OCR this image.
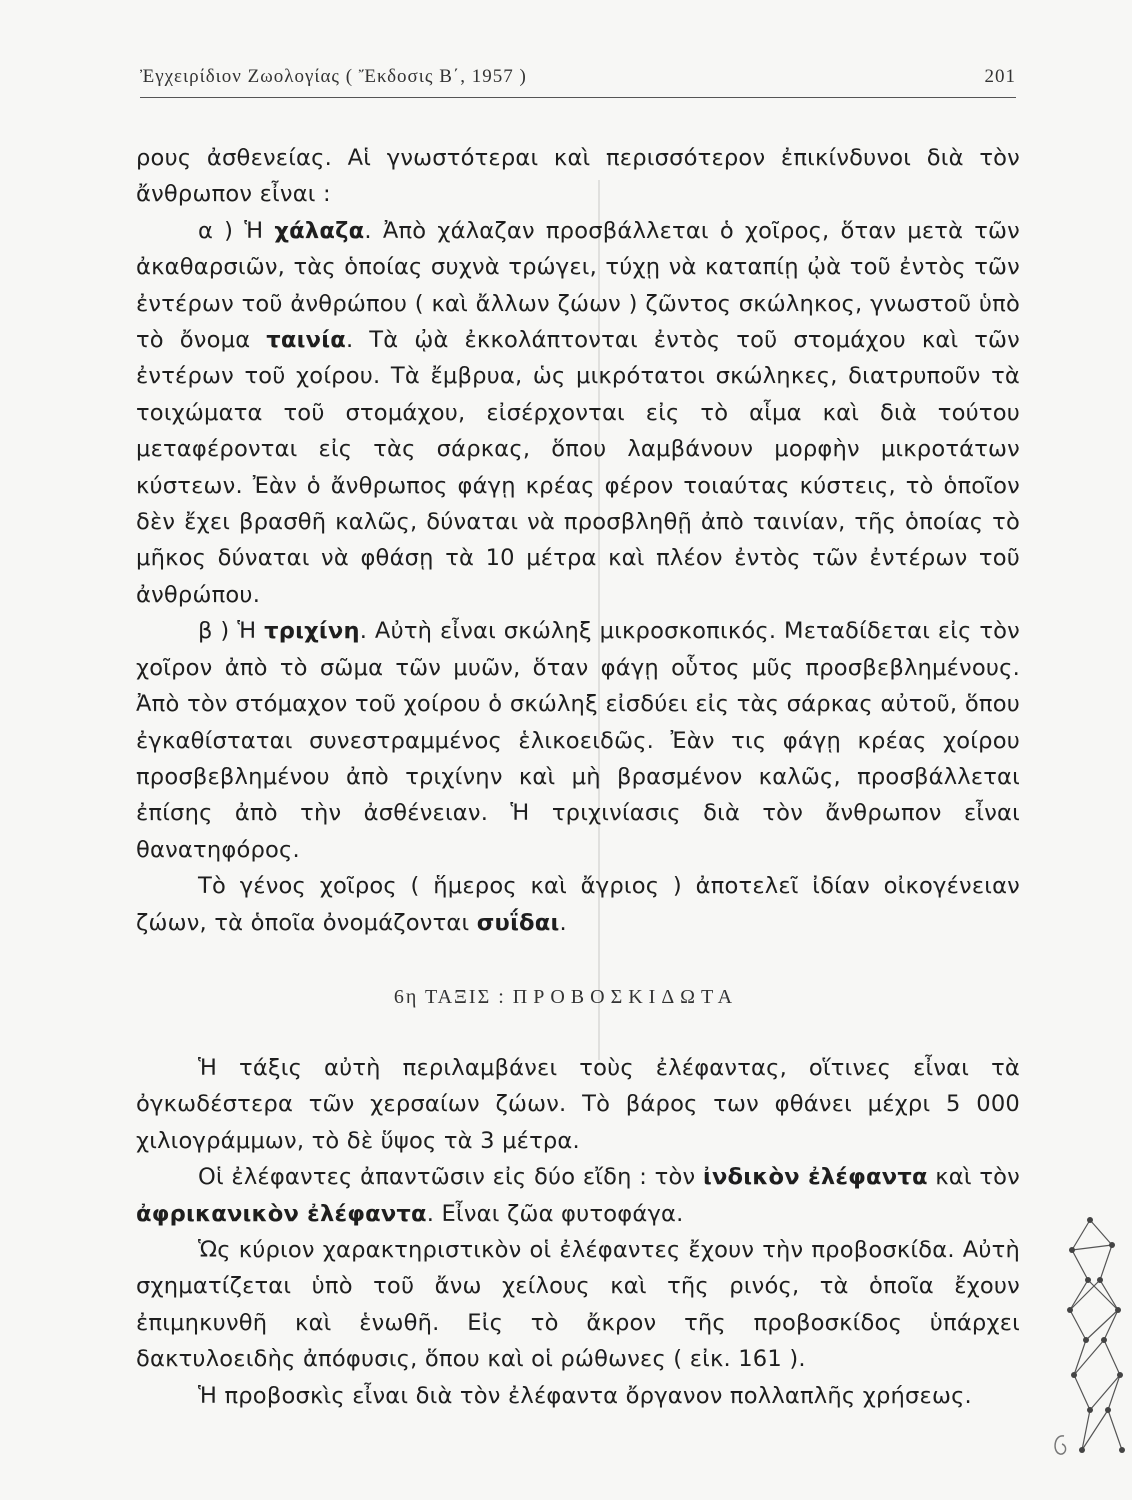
Ἐγχειρίδιον Ζωολογίας ( Ἔκδοσις Β΄, 1957 )	201

ρους ἀσθενείας. Αἱ γνωστότεραι καὶ περισσότερον ἐπικίνδυνοι διὰ τὸν ἄνθρωπον εἶναι :

α ) Ἡ χάλαζα. Ἀπὸ χάλαζαν προσβάλλεται ὁ χοῖρος, ὅταν μετὰ τῶν ἀκαθαρσιῶν, τὰς ὁποίας συχνὰ τρώγει, τύχῃ νὰ καταπίῃ ᾠὰ τοῦ ἐντὸς τῶν ἐντέρων τοῦ ἀνθρώπου ( καὶ ἄλλων ζώων ) ζῶντος σκώληκος, γνωστοῦ ὑπὸ τὸ ὄνομα ταινία. Τὰ ᾠὰ ἐκκολάπτονται ἐντὸς τοῦ στομάχου καὶ τῶν ἐντέρων τοῦ χοίρου. Τὰ ἔμβρυα, ὡς μικρότατοι σκώληκες, διατρυποῦν τὰ τοιχώματα τοῦ στομάχου, εἰσέρχονται εἰς τὸ αἷμα καὶ διὰ τούτου μεταφέρονται εἰς τὰς σάρκας, ὅπου λαμβάνουν μορφὴν μικροτάτων κύστεων. Ἐὰν ὁ ἄνθρωπος φάγῃ κρέας φέρον τοιαύτας κύστεις, τὸ ὁποῖον δὲν ἔχει βρασθῆ καλῶς, δύναται νὰ προσβληθῇ ἀπὸ ταινίαν, τῆς ὁποίας τὸ μῆκος δύναται νὰ φθάσῃ τὰ 10 μέτρα καὶ πλέον ἐντὸς τῶν ἐντέρων τοῦ ἀνθρώπου.

β ) Ἡ τριχίνη. Αὐτὴ εἶναι σκώληξ μικροσκοπικός. Μεταδίδεται εἰς τὸν χοῖρον ἀπὸ τὸ σῶμα τῶν μυῶν, ὅταν φάγῃ οὗτος μῦς προσβεβλημένους. Ἀπὸ τὸν στόμαχον τοῦ χοίρου ὁ σκώληξ εἰσδύει εἰς τὰς σάρκας αὐτοῦ, ὅπου ἐγκαθίσταται συνεστραμμένος ἑλικοειδῶς. Ἐὰν τις φάγῃ κρέας χοίρου προσβεβλημένου ἀπὸ τριχίνην καὶ μὴ βρασμένον καλῶς, προσβάλλεται ἐπίσης ἀπὸ τὴν ἀσθένειαν. Ἡ τριχινίασις διὰ τὸν ἄνθρωπον εἶναι θανατηφόρος.

Τὸ γένος χοῖρος ( ἥμερος καὶ ἄγριος ) ἀποτελεῖ ἰδίαν οἰκογένειαν ζώων, τὰ ὁποῖα ὀνομάζονται συΐδαι.

6η ΤΑΞΙΣ : ΠΡΟΒΟΣΚΙΔΩΤΑ

Ἡ τάξις αὐτὴ περιλαμβάνει τοὺς ἐλέφαντας, οἵτινες εἶναι τὰ ὀγκωδέστερα τῶν χερσαίων ζώων. Τὸ βάρος των φθάνει μέχρι 5 000 χιλιογράμμων, τὸ δὲ ὕψος τὰ 3 μέτρα.

Οἱ ἐλέφαντες ἀπαντῶσιν εἰς δύο εἴδη : τὸν ἰνδικὸν ἐλέφαντα καὶ τὸν ἀφρικανικὸν ἐλέφαντα. Εἶναι ζῶα φυτοφάγα.

Ὡς κύριον χαρακτηριστικὸν οἱ ἐλέφαντες ἔχουν τὴν προβοσκίδα. Αὐτὴ σχηματίζεται ὑπὸ τοῦ ἄνω χείλους καὶ τῆς ρινός, τὰ ὁποῖα ἔχουν ἐπιμηκυνθῆ καὶ ἑνωθῆ. Εἰς τὸ ἄκρον τῆς προβοσκίδος ὑπάρχει δακτυλοειδὴς ἀπόφυσις, ὅπου καὶ οἱ ρώθωνες ( εἰκ. 161 ).

Ἡ προβοσκὶς εἶναι διὰ τὸν ἐλέφαντα ὄργανον πολλαπλῆς χρήσεως.
